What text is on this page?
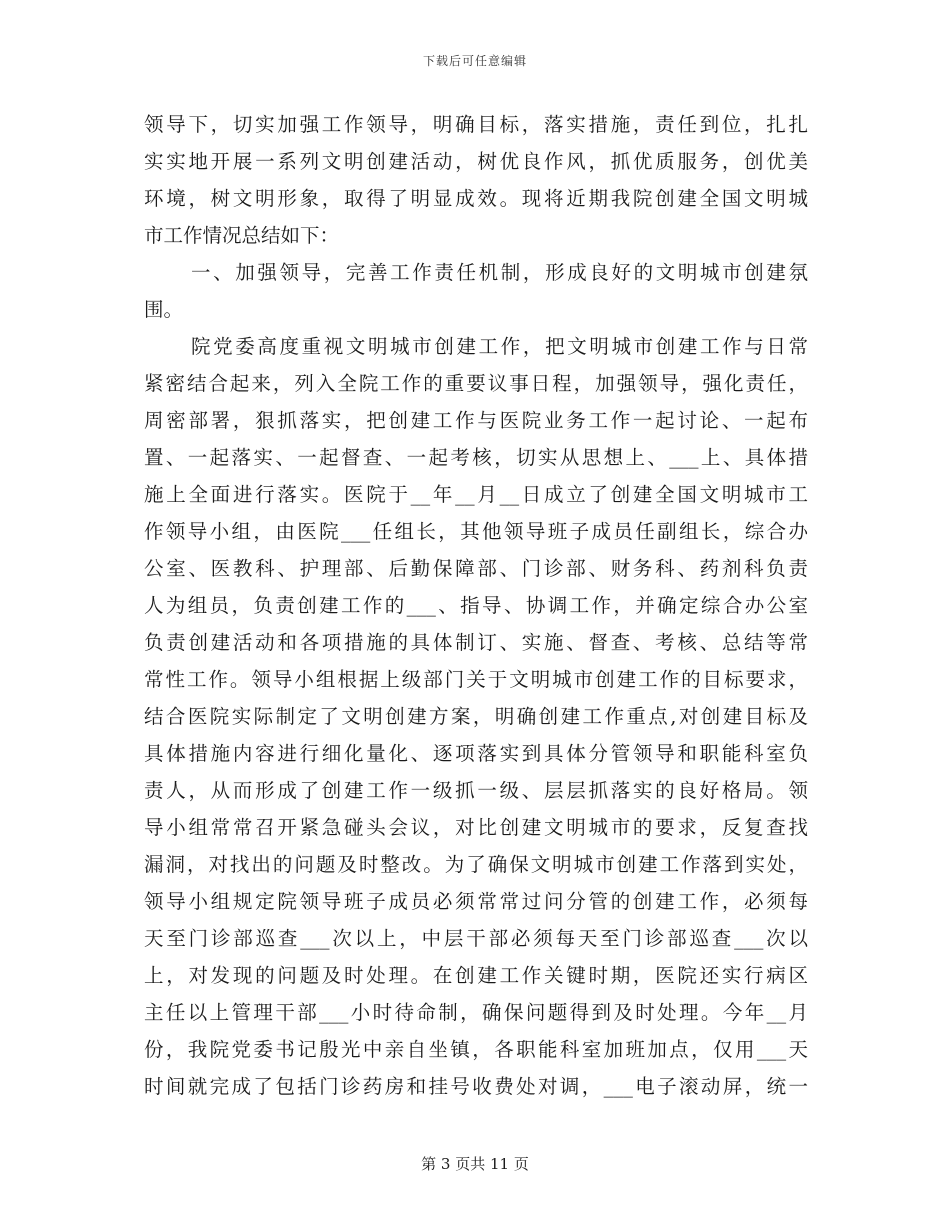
下载后可任意编辑
领导下，切实加强工作领导，明确目标，落实措施，责任到位，扎扎
实实地开展一系列文明创建活动，树优良作风，抓优质服务，创优美
环境，树文明形象，取得了明显成效。现将近期我院创建全国文明城
市工作情况总结如下：
一、加强领导，完善工作责任机制，形成良好的文明城市创建氛
围。
院党委高度重视文明城市创建工作，把文明城市创建工作与日常
紧密结合起来，列入全院工作的重要议事日程，加强领导，强化责任，
周密部署，狠抓落实，把创建工作与医院业务工作一起讨论、一起布
置、一起落实、一起督查、一起考核，切实从思想上、___上、具体措
施上全面进行落实。医院于__年__月__日成立了创建全国文明城市工
作领导小组，由医院___任组长，其他领导班子成员任副组长，综合办
公室、医教科、护理部、后勤保障部、门诊部、财务科、药剂科负责
人为组员，负责创建工作的___、指导、协调工作，并确定综合办公室
负责创建活动和各项措施的具体制订、实施、督查、考核、总结等常
常性工作。领导小组根据上级部门关于文明城市创建工作的目标要求，
结合医院实际制定了文明创建方案，明确创建工作重点,对创建目标及
具体措施内容进行细化量化、逐项落实到具体分管领导和职能科室负
责人，从而形成了创建工作一级抓一级、层层抓落实的良好格局。领
导小组常常召开紧急碰头会议，对比创建文明城市的要求，反复查找
漏洞，对找出的问题及时整改。为了确保文明城市创建工作落到实处，
领导小组规定院领导班子成员必须常常过问分管的创建工作，必须每
天至门诊部巡查___次以上，中层干部必须每天至门诊部巡查___次以
上，对发现的问题及时处理。在创建工作关键时期，医院还实行病区
主任以上管理干部___小时待命制，确保问题得到及时处理。今年__月
份，我院党委书记殷光中亲自坐镇，各职能科室加班加点，仅用___天
时间就完成了包括门诊药房和挂号收费处对调，___电子滚动屏，统一
第 3 页共 11 页
